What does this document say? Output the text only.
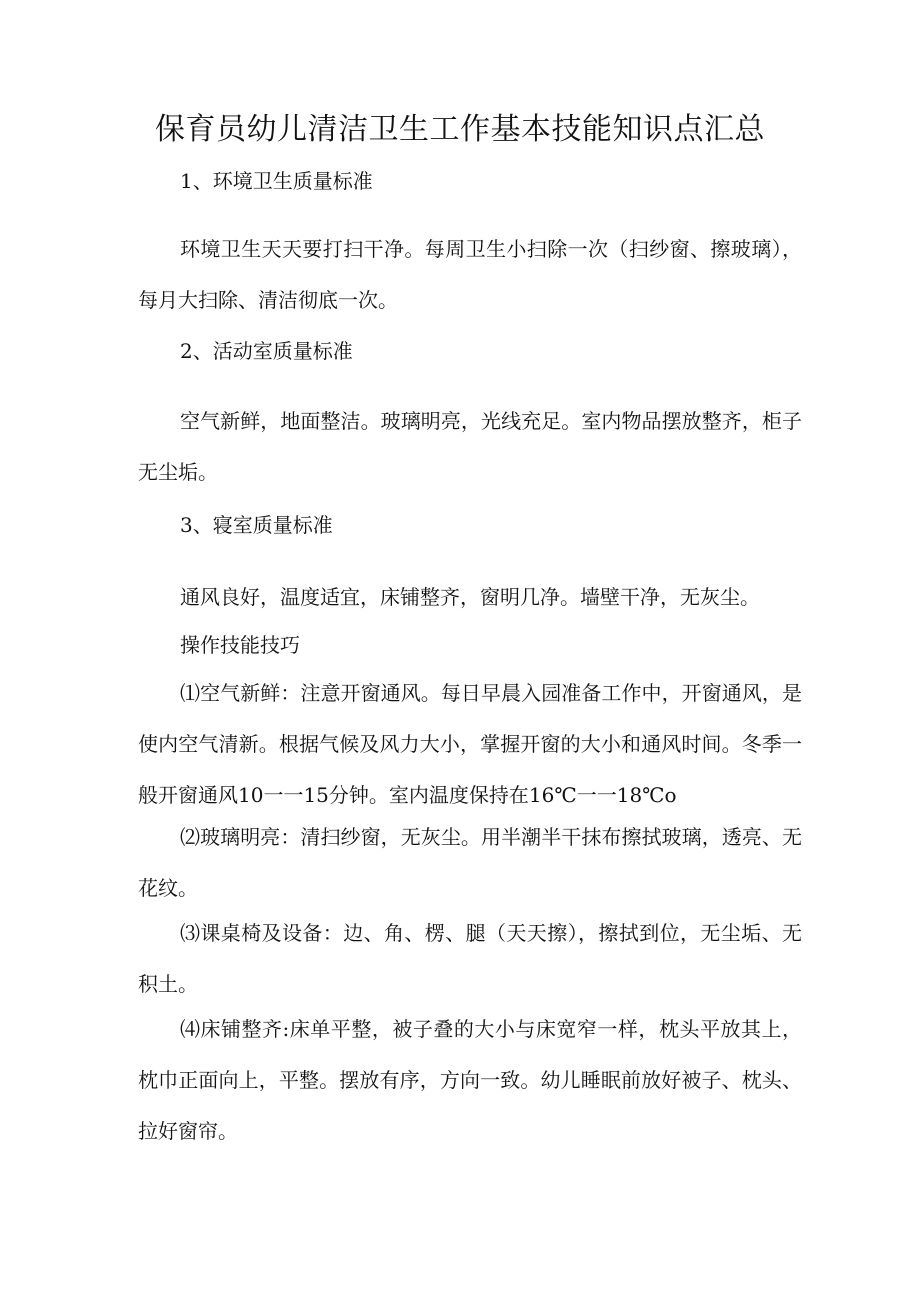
保育员幼儿清洁卫生工作基本技能知识点汇总
1、环境卫生质量标准

环境卫生天天要打扫干净。每周卫生小扫除一次（扫纱窗、擦玻璃），每月大扫除、清洁彻底一次。

2、活动室质量标准

空气新鲜，地面整洁。玻璃明亮，光线充足。室内物品摆放整齐，柜子无尘垢。

3、寝室质量标准

通风良好，温度适宜，床铺整齐，窗明几净。墙壁干净，无灰尘。

操作技能技巧

⑴空气新鲜：注意开窗通风。每日早晨入园准备工作中，开窗通风，是使内空气清新。根据气候及风力大小，掌握开窗的大小和通风时间。冬季一般开窗通风10一一15分钟。室内温度保持在16℃一一18℃o

⑵玻璃明亮：清扫纱窗，无灰尘。用半潮半干抹布擦拭玻璃，透亮、无花纹。

⑶课桌椅及设备：边、角、楞、腿（天天擦），擦拭到位，无尘垢、无积土。

⑷床铺整齐:床单平整，被子叠的大小与床宽窄一样，枕头平放其上，枕巾正面向上，平整。摆放有序，方向一致。幼儿睡眠前放好被子、枕头、拉好窗帘。
